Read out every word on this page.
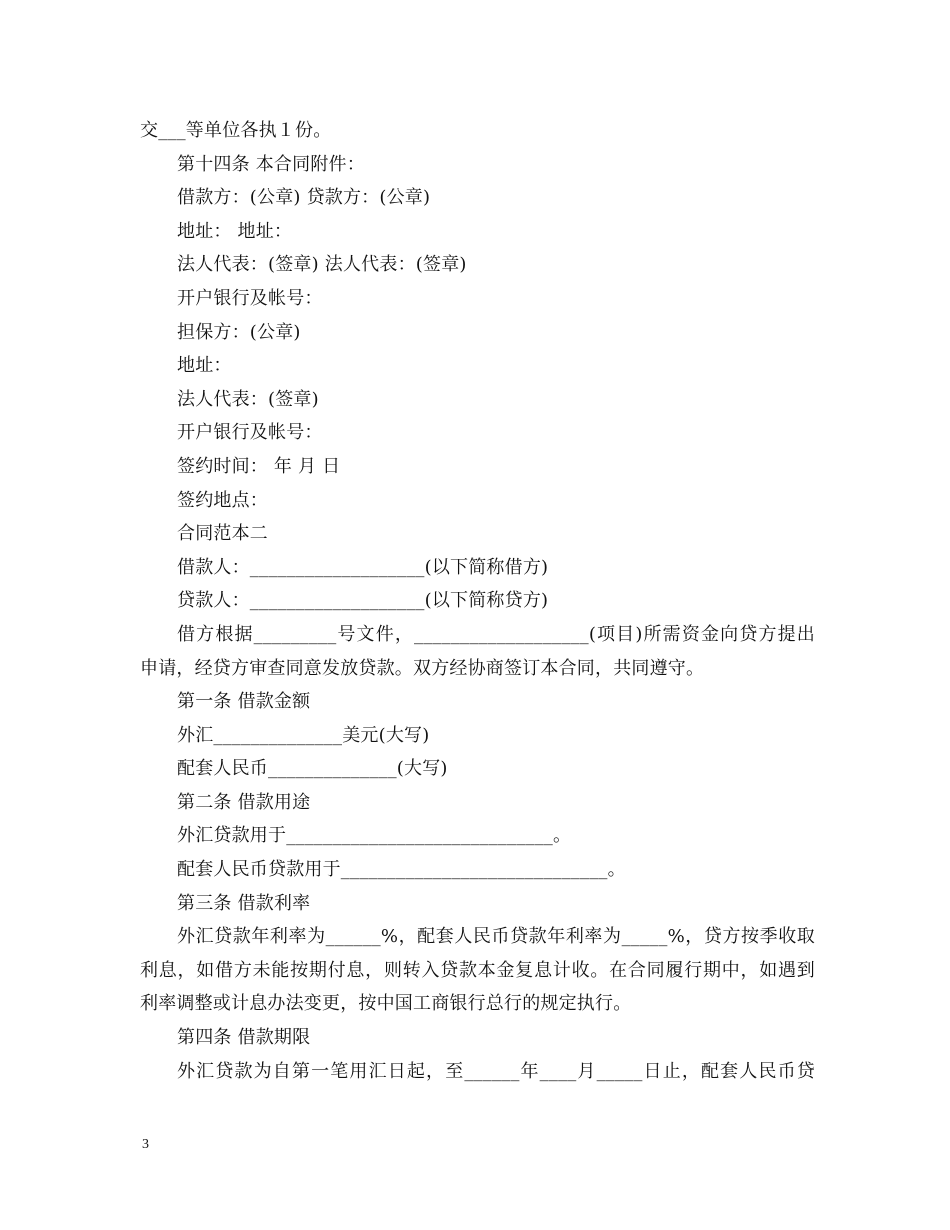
交___等单位各执１份。
第十四条 本合同附件：
借款方：(公章) 贷款方：(公章)
地址： 地址：
法人代表：(签章) 法人代表：(签章)
开户银行及帐号：
担保方：(公章)
地址：
法人代表：(签章)
开户银行及帐号：
签约时间： 年 月 日
签约地点：
合同范本二
借款人：___________________(以下简称借方)
贷款人：___________________(以下简称贷方)
借方根据_________号文件，___________________(项目)所需资金向贷方提出
申请，经贷方审查同意发放贷款。双方经协商签订本合同，共同遵守。
第一条 借款金额
外汇______________美元(大写)
配套人民币______________(大写)
第二条 借款用途
外汇贷款用于_____________________________。
配套人民币贷款用于_____________________________。
第三条 借款利率
外汇贷款年利率为______%，配套人民币贷款年利率为_____%，贷方按季收取
利息，如借方未能按期付息，则转入贷款本金复息计收。在合同履行期中，如遇到
利率调整或计息办法变更，按中国工商银行总行的规定执行。
第四条 借款期限
外汇贷款为自第一笔用汇日起，至______年____月_____日止，配套人民币贷
3
